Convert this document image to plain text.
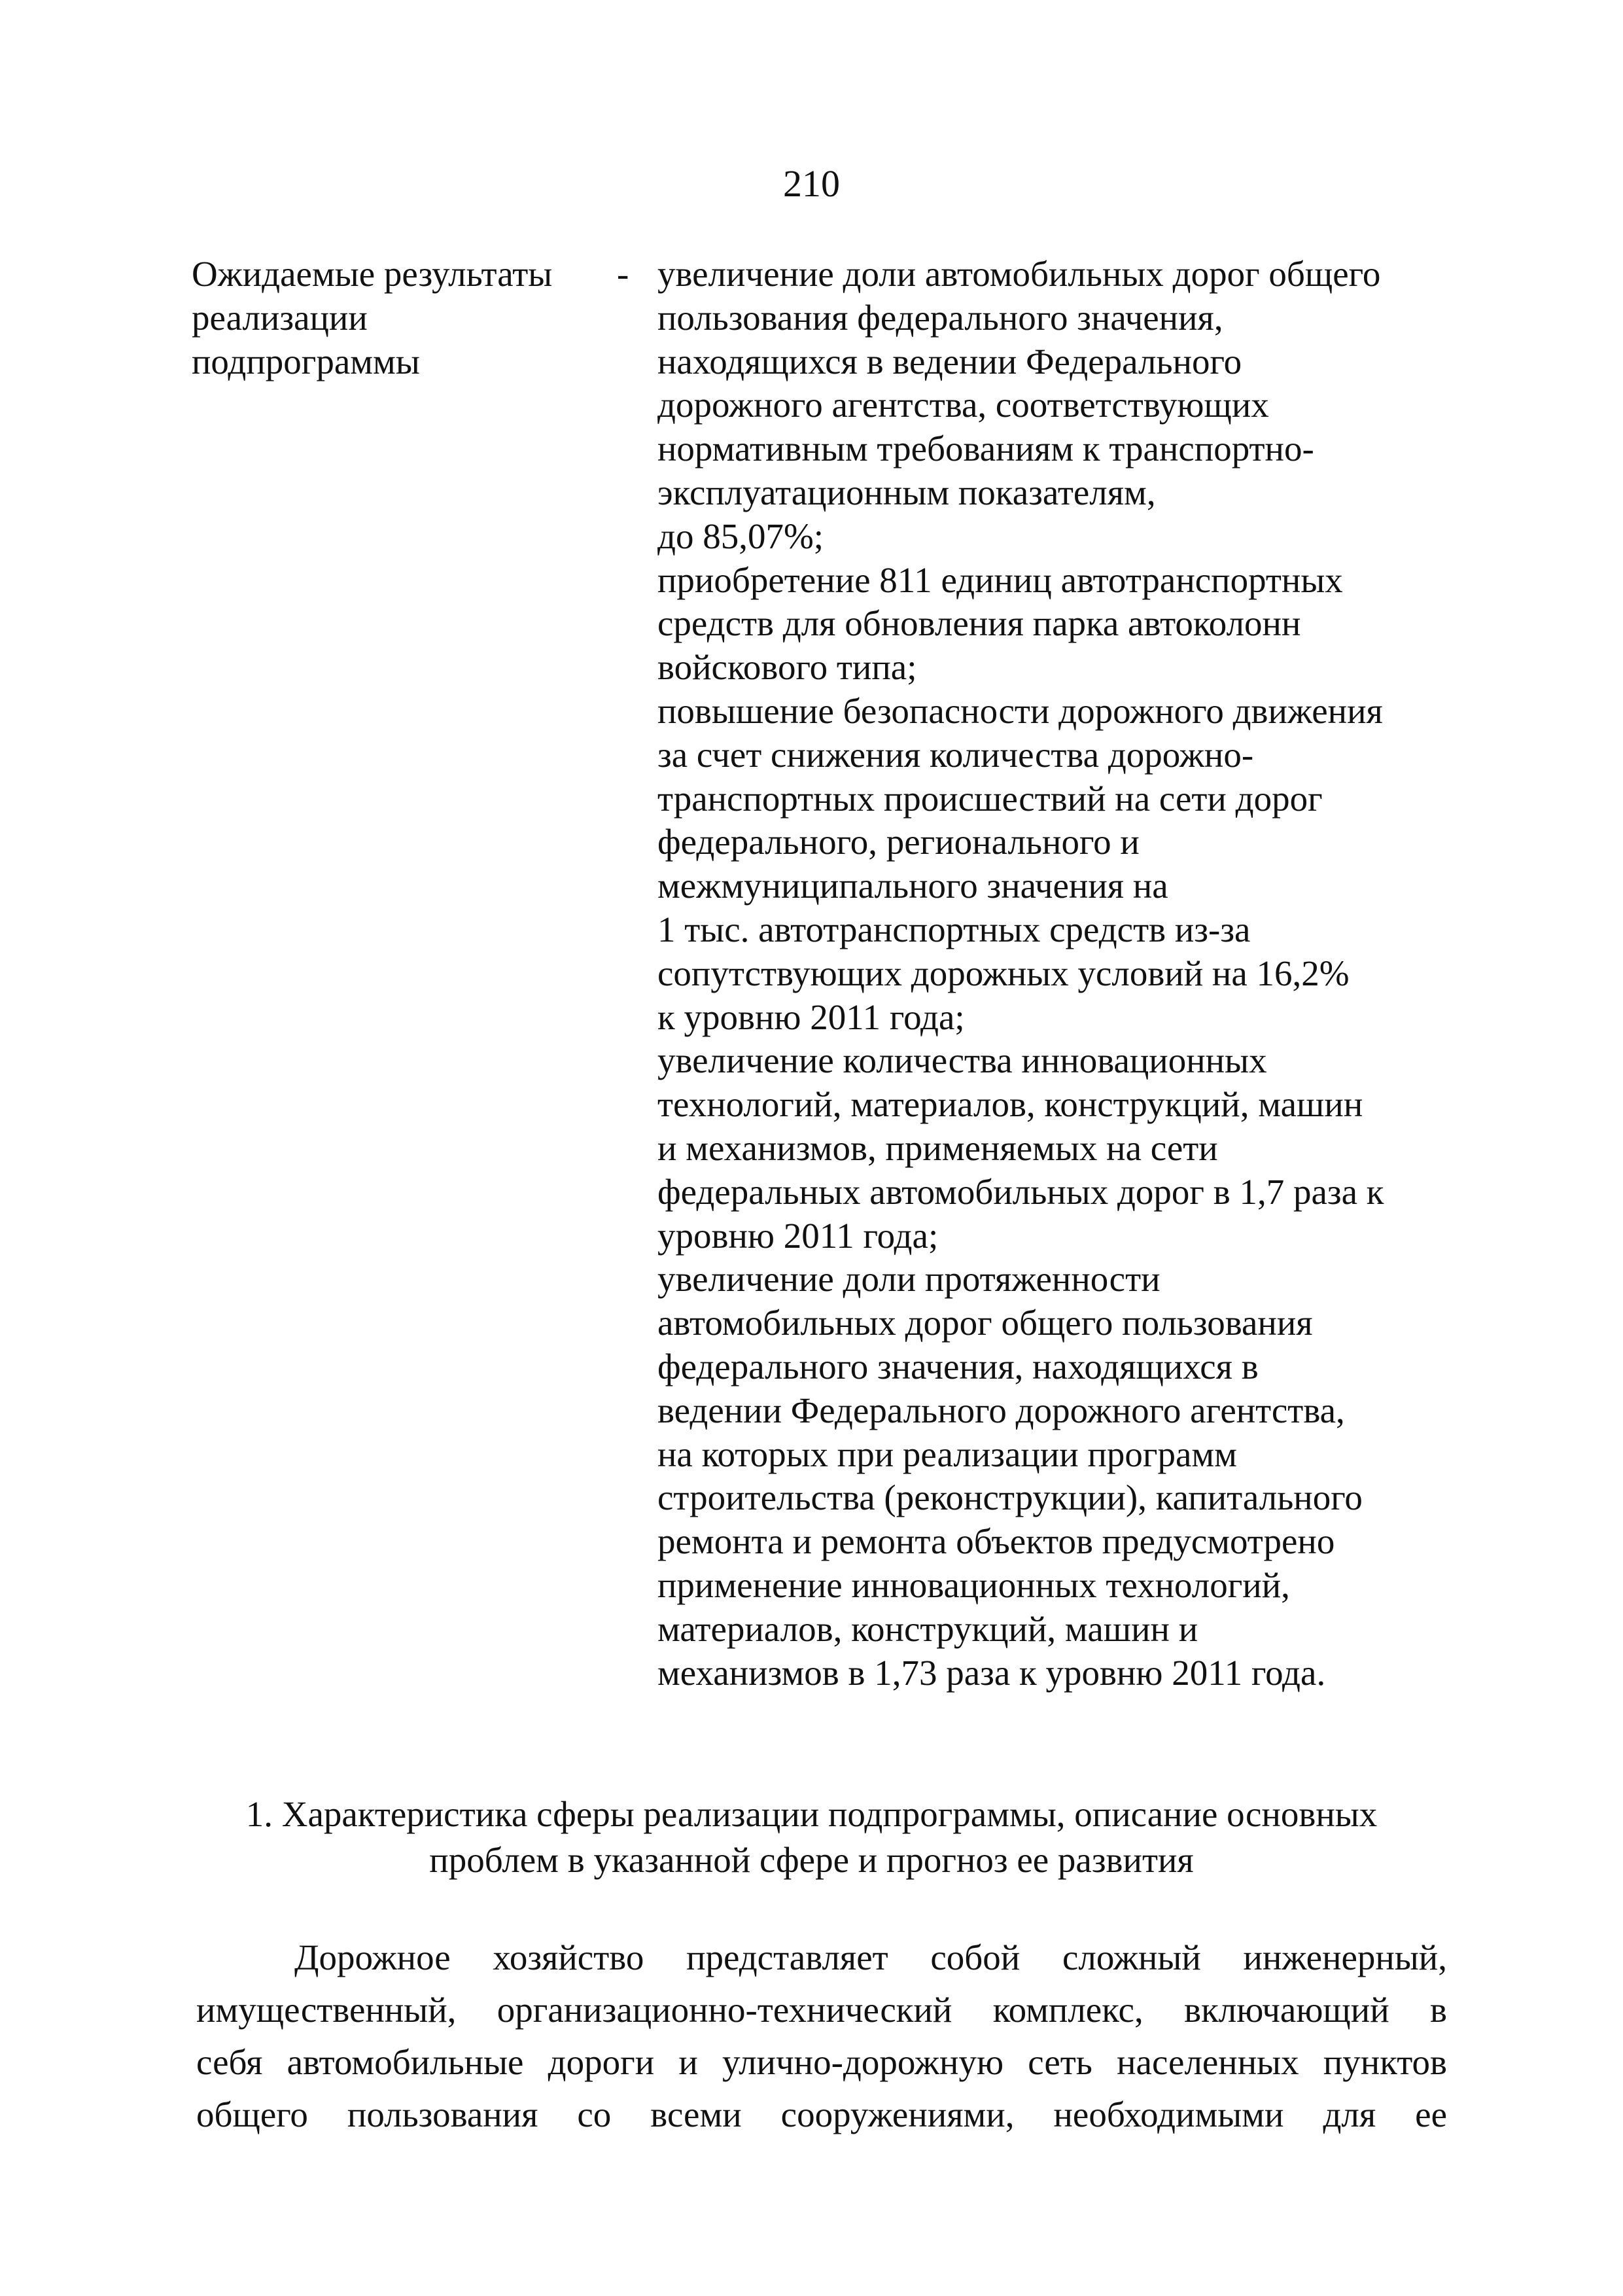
210
Ожидаемые результаты
реализации
подпрограммы
- увеличение доли автомобильных дорог общего
пользования федерального значения,
находящихся в ведении Федерального
дорожного агентства, соответствующих
нормативным требованиям к транспортно-
эксплуатационным показателям,
до 85,07%;
приобретение 811 единиц автотранспортных
средств для обновления парка автоколонн
войскового типа;
повышение безопасности дорожного движения
за счет снижения количества дорожно-
транспортных происшествий на сети дорог
федерального, регионального и
межмуниципального значения на
1 тыс. автотранспортных средств из-за
сопутствующих дорожных условий на 16,2%
к уровню 2011 года;
увеличение количества инновационных
технологий, материалов, конструкций, машин
и механизмов, применяемых на сети
федеральных автомобильных дорог в 1,7 раза к
уровню 2011 года;
увеличение доли протяженности
автомобильных дорог общего пользования
федерального значения, находящихся в
ведении Федерального дорожного агентства,
на которых при реализации программ
строительства (реконструкции), капитального
ремонта и ремонта объектов предусмотрено
применение инновационных технологий,
материалов, конструкций, машин и
механизмов в 1,73 раза к уровню 2011 года.
1. Характеристика сферы реализации подпрограммы, описание основных
проблем в указанной сфере и прогноз ее развития
Дорожное хозяйство представляет собой сложный инженерный,
имущественный, организационно-технический комплекс, включающий в
себя автомобильные дороги и улично-дорожную сеть населенных пунктов
общего пользования со всеми сооружениями, необходимыми для ее
